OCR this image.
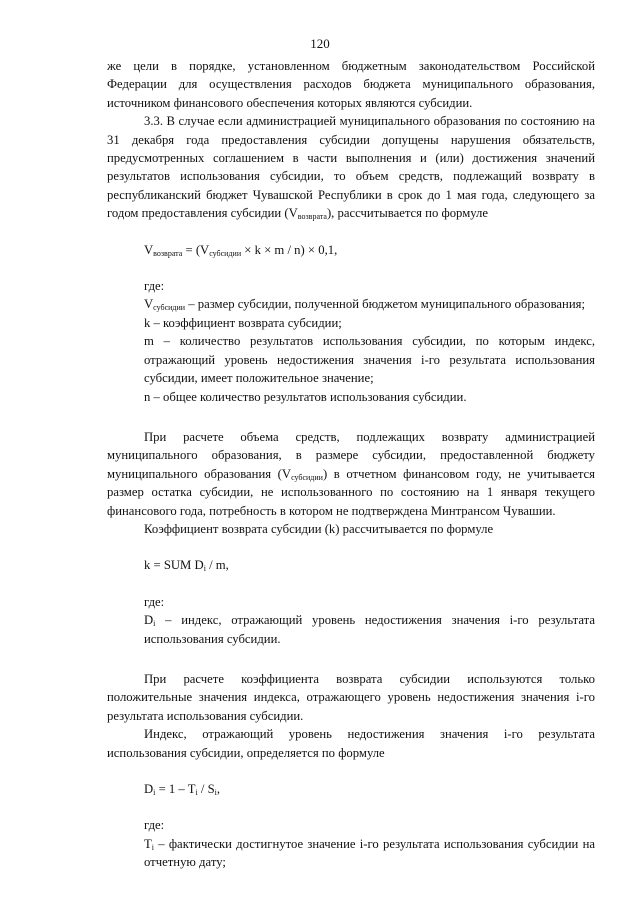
120

же цели в порядке, установленном бюджетным законодательством Российской Федерации для осуществления расходов бюджета муниципального образования, источником финансового обеспечения которых являются субсидии.

3.3. В случае если администрацией муниципального образования по состоянию на 31 декабря года предоставления субсидии допущены нарушения обязательств, предусмотренных соглашением в части выполнения и (или) достижения значений результатов использования субсидии, то объем средств, подлежащий возврату в республиканский бюджет Чувашской Республики в срок до 1 мая года, следующего за годом предоставления субсидии $(V_{возврата})$, рассчитывается по формуле

$V_{возврата} = (V_{субсидии} \times k \times m / n) \times 0,1$,

где:

$V_{субсидии}$ – размер субсидии, полученной бюджетом муниципального образования;

k – коэффициент возврата субсидии;

m – количество результатов использования субсидии, по которым индекс, отражающий уровень недостижения значения i-го результата использования субсидии, имеет положительное значение;

n – общее количество результатов использования субсидии.

При расчете объема средств, подлежащих возврату администрацией муниципального образования, в размере субсидии, предоставленной бюджету муниципального образования $(V_{субсидии})$ в отчетном финансовом году, не учитывается размер остатка субсидии, не использованного по состоянию на 1 января текущего финансового года, потребность в котором не подтверждена Минтрансом Чувашии.

Коэффициент возврата субсидии (k) рассчитывается по формуле

k = SUM $D_i$ / m,

где:

$D_i$ – индекс, отражающий уровень недостижения значения i-го результата использования субсидии.

При расчете коэффициента возврата субсидии используются только положительные значения индекса, отражающего уровень недостижения значения i-го результата использования субсидии.

Индекс, отражающий уровень недостижения значения i-го результата использования субсидии, определяется по формуле

$D_i = 1 - T_i / S_i$,

где:

$T_i$ – фактически достигнутое значение i-го результата использования субсидии на отчетную дату;
